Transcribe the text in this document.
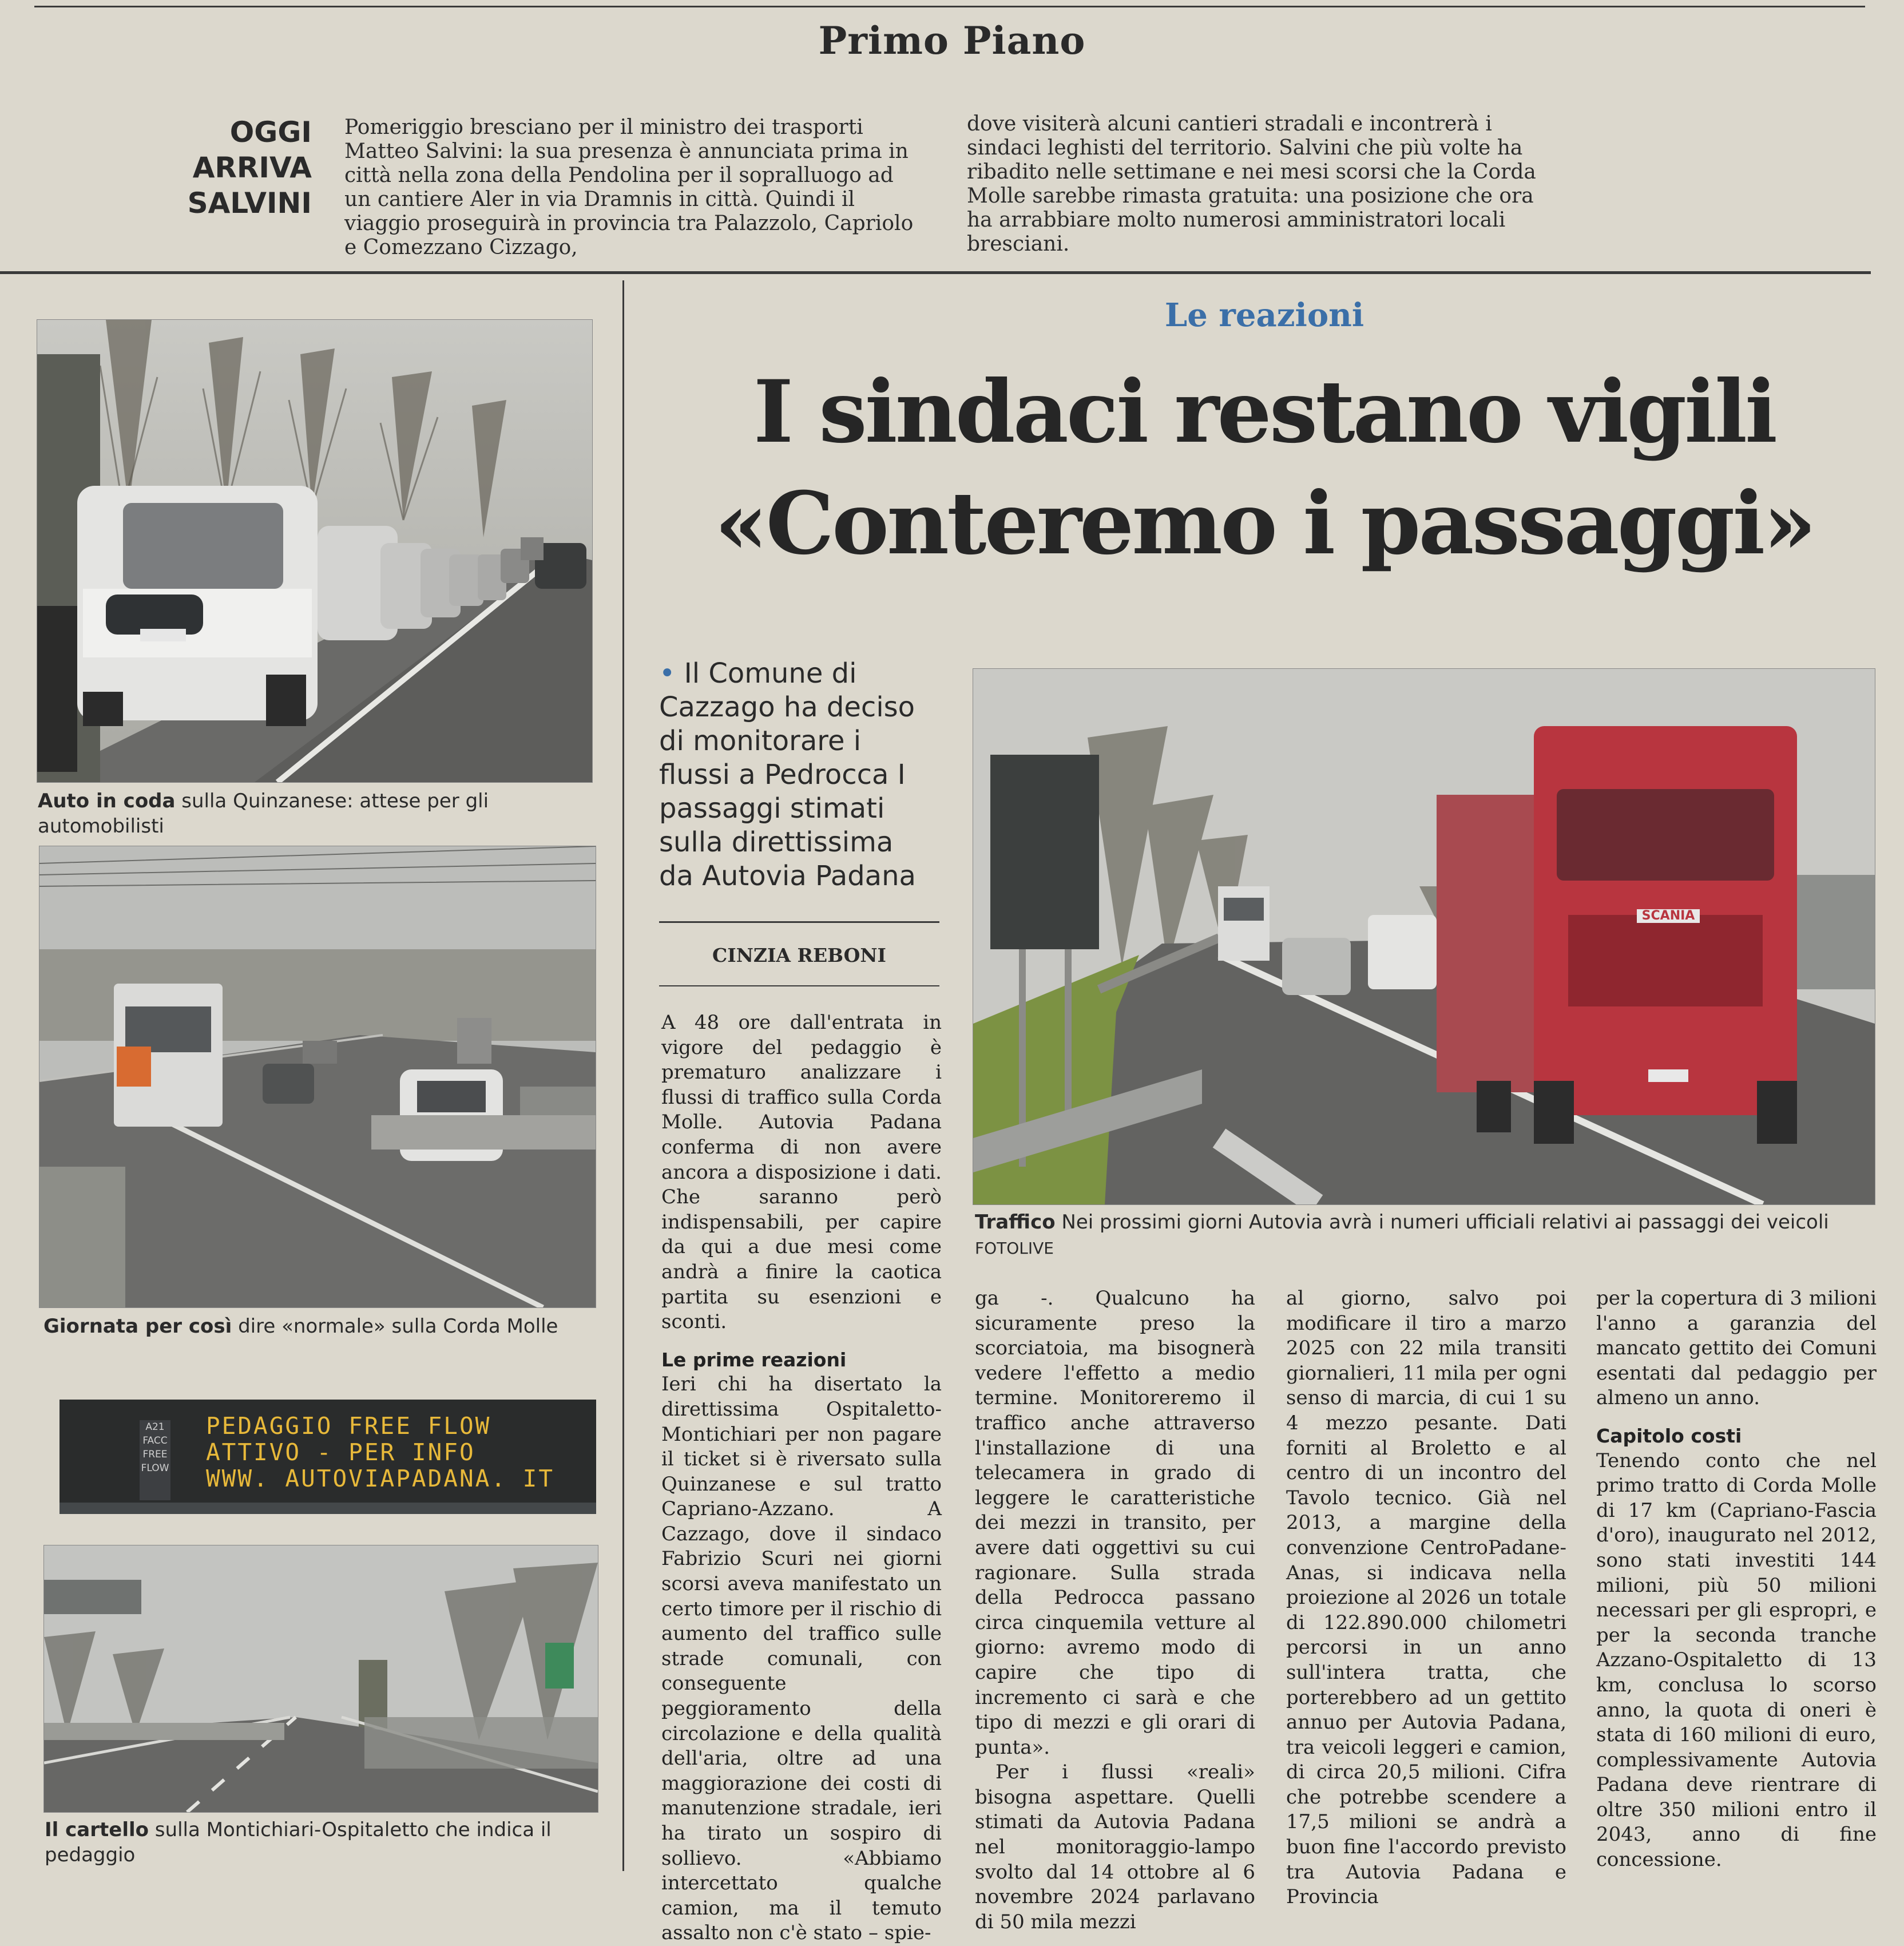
Primo Piano
OGGI
ARRIVA
SALVINI
Pomeriggio bresciano per il ministro dei trasporti Matteo Salvini: la sua presenza è annunciata prima in città nella zona della Pendolina per il sopralluogo ad un cantiere Aler in via Dramnis in città. Quindi il viaggio proseguirà in provincia tra Palazzolo, Capriolo e Comezzano Cizzago,
dove visiterà alcuni cantieri stradali e incontrerà i sindaci leghisti del territorio. Salvini che più volte ha ribadito nelle settimane e nei mesi scorsi che la Corda Molle sarebbe rimasta gratuita: una posizione che ora ha arrabbiare molto numerosi amministratori locali bresciani.
Le reazioni
I sindaci restano vigili
«Conteremo i passaggi»
Auto in coda sulla Quinzanese: attese per gli automobilisti
Giornata per così dire «normale» sulla Corda Molle
A21
FACC
FREE
FLOW
PEDAGGIO FREE FLOW
ATTIVO - PER INFO
WWW. AUTOVIAPADANA. IT
Il cartello sulla Montichiari-Ospitaletto che indica il pedaggio
SCANIA
Traffico Nei prossimi giorni Autovia avrà i numeri ufficiali relativi ai passaggi dei veicoli FOTOLIVE
• Il Comune di Cazzago ha deciso di monitorare i flussi a Pedrocca I passaggi stimati sulla direttissima da Autovia Padana
CINZIA REBONI

A 48 ore dall'entrata in vigore del pedaggio è prematuro analizzare i flussi di traffico sulla Corda Molle. Autovia Padana conferma di non avere ancora a disposizione i dati. Che saranno però indispensabili, per capire da qui a due mesi come andrà a finire la caotica partita su esenzioni e sconti.

Le prime reazioni

Ieri chi ha disertato la direttissima Ospitaletto-Montichiari per non pagare il ticket si è riversato sulla Quinzanese e sul tratto Capriano-Azzano. A Cazzago, dove il sindaco Fabrizio Scuri nei giorni scorsi aveva manifestato un certo timore per il rischio di aumento del traffico sulle strade comunali, con conseguente peggioramento della circolazione e della qualità dell'aria, oltre ad una maggiorazione dei costi di manutenzione stradale, ieri ha tirato un sospiro di sollievo. «Abbiamo intercettato qualche camion, ma il temuto assalto non c'è stato – spie-

ga -. Qualcuno ha sicuramente preso la scorciatoia, ma bisognerà vedere l'effetto a medio termine. Monitoreremo il traffico anche attraverso l'installazione di una telecamera in grado di leggere le caratteristiche dei mezzi in transito, per avere dati oggettivi su cui ragionare. Sulla strada della Pedrocca passano circa cinquemila vetture al giorno: avremo modo di capire che tipo di incremento ci sarà e che tipo di mezzi e gli orari di punta».

Per i flussi «reali» bisogna aspettare. Quelli stimati da Autovia Padana nel monitoraggio-lampo svolto dal 14 ottobre al 6 novembre 2024 parlavano di 50 mila mezzi

al giorno, salvo poi modificare il tiro a marzo 2025 con 22 mila transiti giornalieri, 11 mila per ogni senso di marcia, di cui 1 su 4 mezzo pesante. Dati forniti al Broletto e al centro di un incontro del Tavolo tecnico. Già nel 2013, a margine della convenzione CentroPadane-Anas, si indicava nella proiezione al 2026 un totale di 122.890.000 chilometri percorsi in un anno sull'intera tratta, che porterebbero ad un gettito annuo per Autovia Padana, tra veicoli leggeri e camion, di circa 20,5 milioni. Cifra che potrebbe scendere a 17,5 milioni se andrà a buon fine l'accordo previsto tra Autovia Padana e Provincia

per la copertura di 3 milioni l'anno a garanzia del mancato gettito dei Comuni esentati dal pedaggio per almeno un anno.

Capitolo costi

Tenendo conto che nel primo tratto di Corda Molle di 17 km (Capriano-Fascia d'oro), inaugurato nel 2012, sono stati investiti 144 milioni, più 50 milioni necessari per gli espropri, e per la seconda tranche Azzano-Ospitaletto di 13 km, conclusa lo scorso anno, la quota di oneri è stata di 160 milioni di euro, complessivamente Autovia Padana deve rientrare di oltre 350 milioni entro il 2043, anno di fine concessione.
